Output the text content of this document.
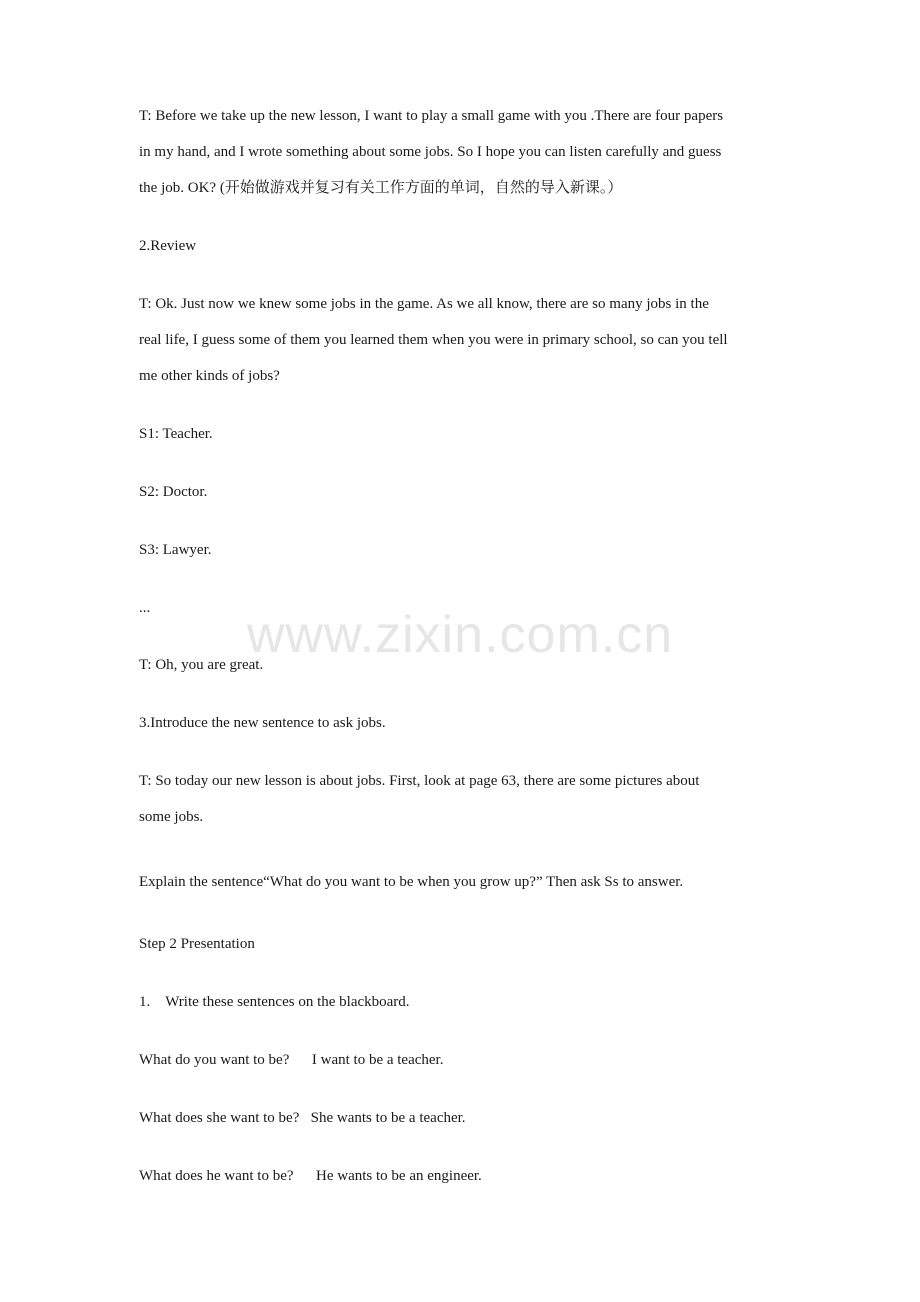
www.zixin.com.cn
T: Before we take up the new lesson, I want to play a small game with you .There are four papers
in my hand, and I wrote something about some jobs. So I hope you can listen carefully and guess
the job. OK? (开始做游戏并复习有关工作方面的单词，自然的导入新课。）
2.Review
T: Ok. Just now we knew some jobs in the game. As we all know, there are so many jobs in the
real life, I guess some of them you learned them when you were in primary school, so can you tell
me other kinds of jobs?
S1: Teacher.
S2: Doctor.
S3: Lawyer.
...
T: Oh, you are great.
3.Introduce the new sentence to ask jobs.
T: So today our new lesson is about jobs. First, look at page 63, there are some pictures about
some jobs.
Explain the sentence“What do you want to be when you grow up?” Then ask Ss to answer.
Step 2 Presentation
1.    Write these sentences on the blackboard.
What do you want to be?      I want to be a teacher.
What does she want to be?   She wants to be a teacher.
What does he want to be?      He wants to be an engineer.
